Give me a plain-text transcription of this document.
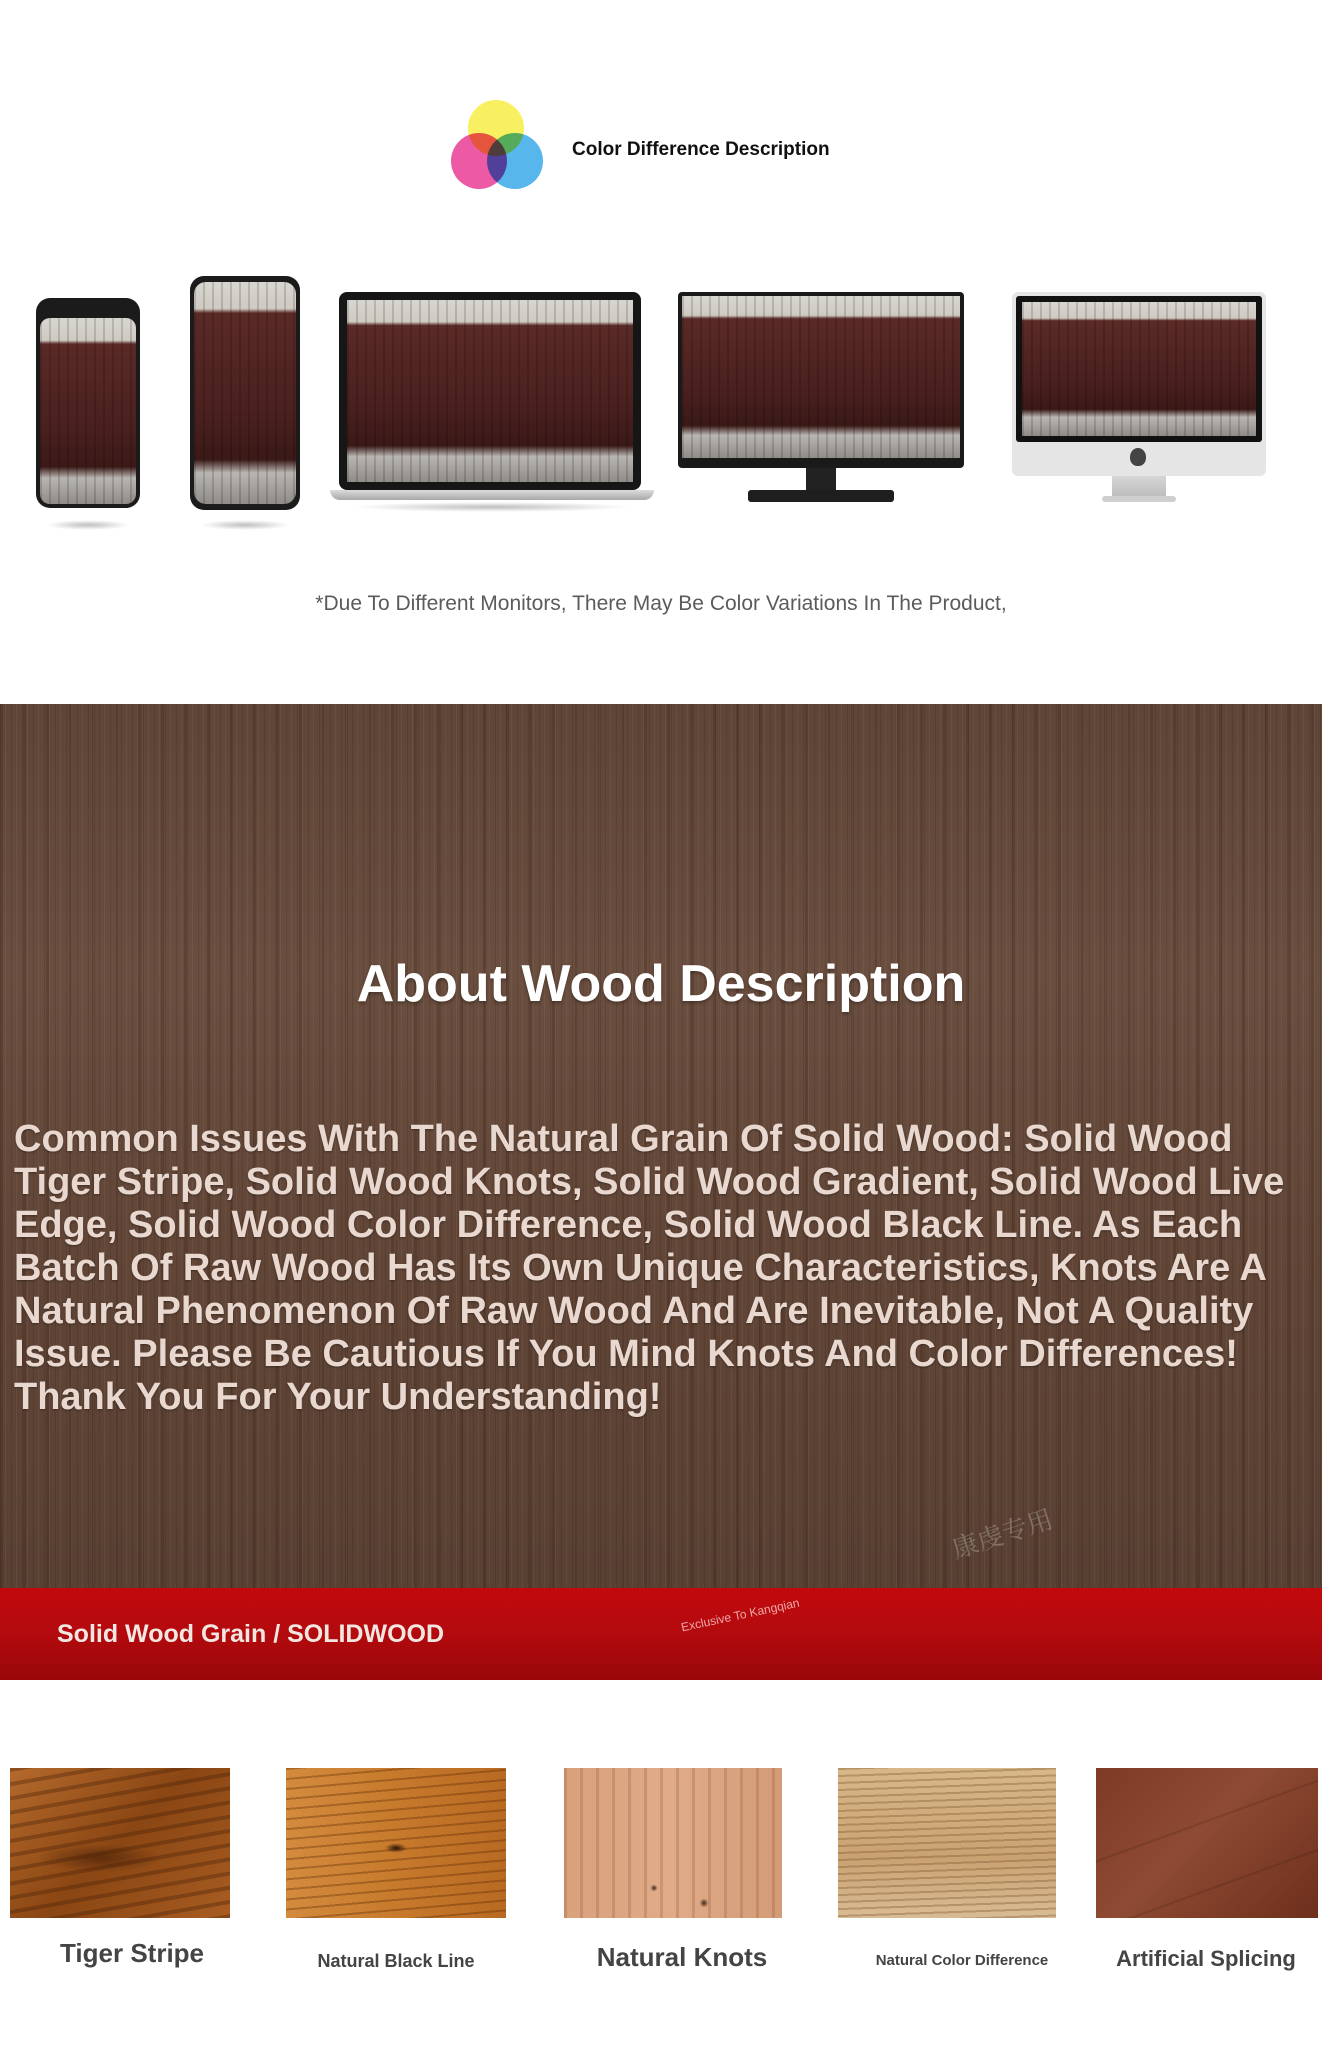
Color Difference Description
*Due To Different Monitors, There May Be Color Variations In The Product,
About Wood Description
Common Issues With The Natural Grain Of Solid Wood: Solid Wood Tiger Stripe, Solid Wood Knots, Solid Wood Gradient, Solid Wood Live Edge, Solid Wood Color Difference, Solid Wood Black Line. As Each Batch Of Raw Wood Has Its Own Unique Characteristics, Knots Are A Natural Phenomenon Of Raw Wood And Are Inevitable, Not A Quality Issue. Please Be Cautious If You Mind Knots And Color Differences! Thank You For Your Understanding!
康虔专用
Solid Wood Grain / SOLIDWOOD	Exclusive To Kangqian
Tiger Stripe	Natural Black Line	Natural Knots	Natural Color Difference	Artificial Splicing
